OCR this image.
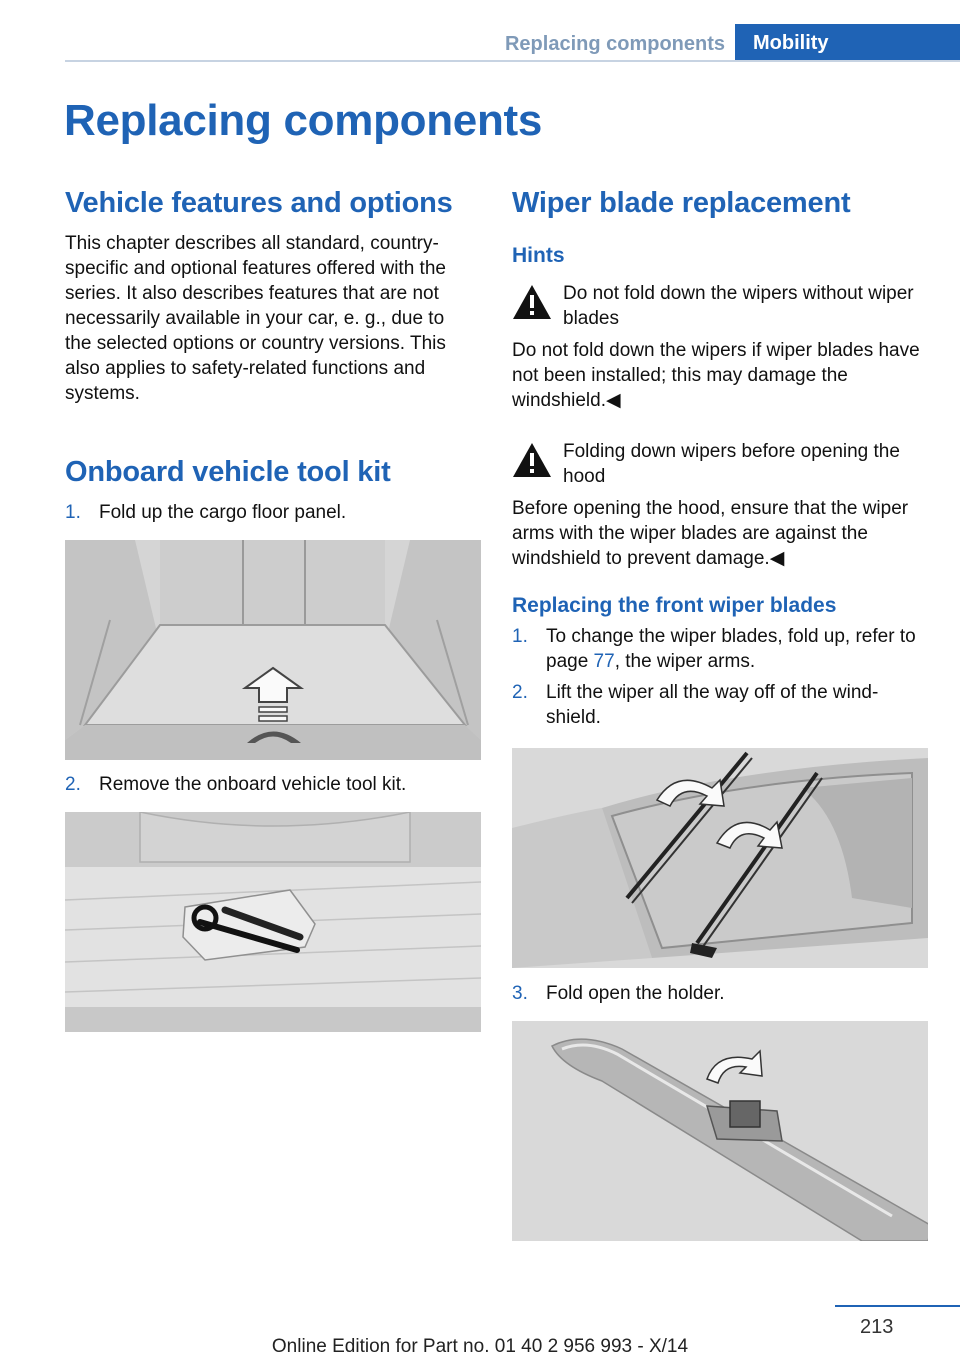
Replacing components	Mobility
Replacing components
Vehicle features and options

This chapter describes all standard, country-specific and optional features offered with the series. It also describes features that are not necessarily available in your car, e. g., due to the selected options or country versions. This also applies to safety-related functions and systems.

Onboard vehicle tool kit
1. Fold up the cargo floor panel.
2. Remove the onboard vehicle tool kit.
Wiper blade replacement
Hints
Do not fold down the wipers without wiper blades

Do not fold down the wipers if wiper blades have not been installed; this may damage the windshield.◀

Folding down wipers before opening the hood

Before opening the hood, ensure that the wiper arms with the wiper blades are against the windshield to prevent damage.◀

Replacing the front wiper blades
1. To change the wiper blades, fold up, refer to page 77, the wiper arms.
2. Lift the wiper all the way off of the wind‐shield.
3. Fold open the holder.
213
Online Edition for Part no. 01 40 2 956 993 - X/14
